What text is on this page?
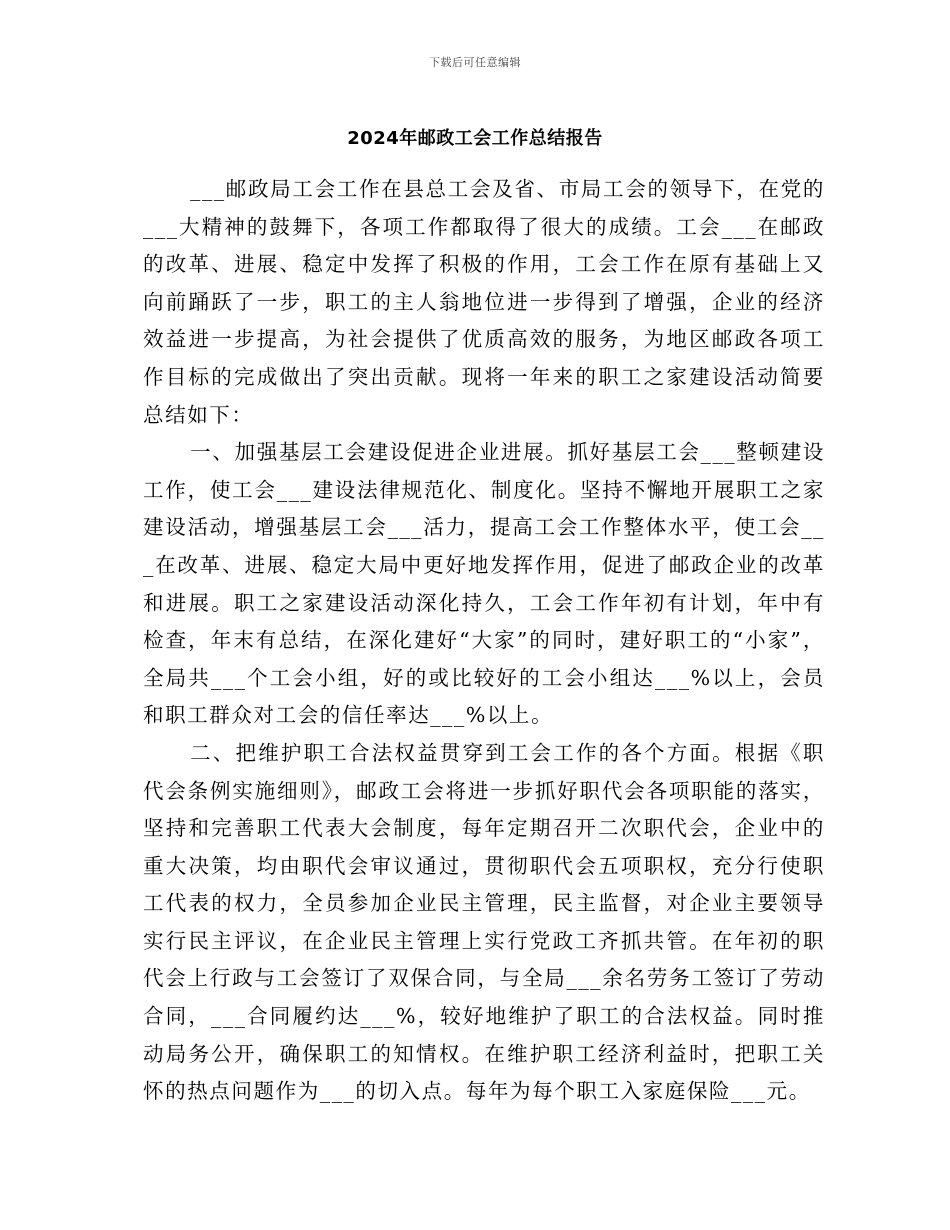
下载后可任意编辑
2024年邮政工会工作总结报告

___邮政局工会工作在县总工会及省、市局工会的领导下，在党的___大精神的鼓舞下，各项工作都取得了很大的成绩。工会___在邮政的改革、进展、稳定中发挥了积极的作用，工会工作在原有基础上又向前踊跃了一步，职工的主人翁地位进一步得到了增强，企业的经济效益进一步提高，为社会提供了优质高效的服务，为地区邮政各项工作目标的完成做出了突出贡献。现将一年来的职工之家建设活动简要总结如下：

一、加强基层工会建设促进企业进展。抓好基层工会___整顿建设工作，使工会___建设法律规范化、制度化。坚持不懈地开展职工之家建设活动，增强基层工会___活力，提高工会工作整体水平，使工会___在改革、进展、稳定大局中更好地发挥作用，促进了邮政企业的改革和进展。职工之家建设活动深化持久，工会工作年初有计划，年中有检查，年末有总结，在深化建好“大家”的同时，建好职工的“小家”，全局共___个工会小组，好的或比较好的工会小组达___%以上，会员和职工群众对工会的信任率达___%以上。

二、把维护职工合法权益贯穿到工会工作的各个方面。根据《职代会条例实施细则》，邮政工会将进一步抓好职代会各项职能的落实，坚持和完善职工代表大会制度，每年定期召开二次职代会，企业中的重大决策，均由职代会审议通过，贯彻职代会五项职权，充分行使职工代表的权力，全员参加企业民主管理，民主监督，对企业主要领导实行民主评议，在企业民主管理上实行党政工齐抓共管。在年初的职代会上行政与工会签订了双保合同，与全局___余名劳务工签订了劳动合同，___合同履约达___%，较好地维护了职工的合法权益。同时推动局务公开，确保职工的知情权。在维护职工经济利益时，把职工关怀的热点问题作为___的切入点。每年为每个职工入家庭保险___元。
